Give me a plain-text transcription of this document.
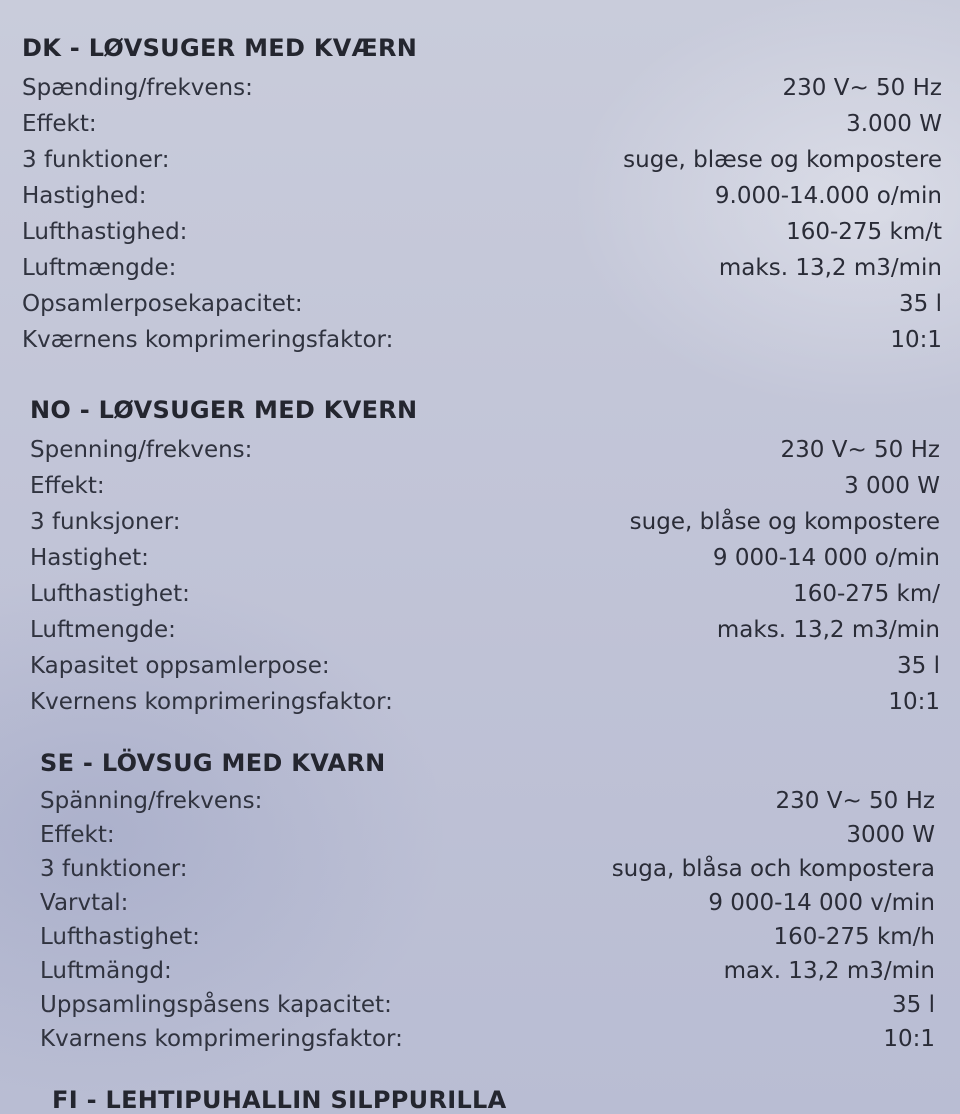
DK - LØVSUGER MED KVÆRN
Spænding/frekvens:	230 V~ 50 Hz
Effekt:	3.000 W
3 funktioner:	suge, blæse og kompostere
Hastighed:	9.000-14.000 o/min
Lufthastighed:	160-275 km/t
Luftmængde:	maks. 13,2 m3/min
Opsamlerposekapacitet:	35 l
Kværnens komprimeringsfaktor:	10:1
NO - LØVSUGER MED KVERN
Spenning/frekvens:	230 V~ 50 Hz
Effekt:	3 000 W
3 funksjoner:	suge, blåse og kompostere
Hastighet:	9 000-14 000 o/min
Lufthastighet:	160-275 km/
Luftmengde:	maks. 13,2 m3/min
Kapasitet oppsamlerpose:	35 l
Kvernens komprimeringsfaktor:	10:1
SE - LÖVSUG MED KVARN
Spänning/frekvens:	230 V~ 50 Hz
Effekt:	3000 W
3 funktioner:	suga, blåsa och kompostera
Varvtal:	9 000-14 000 v/min
Lufthastighet:	160-275 km/h
Luftmängd:	max. 13,2 m3/min
Uppsamlingspåsens kapacitet:	35 l
Kvarnens komprimeringsfaktor:	10:1
FI - LEHTIPUHALLIN SILPPURILLA
